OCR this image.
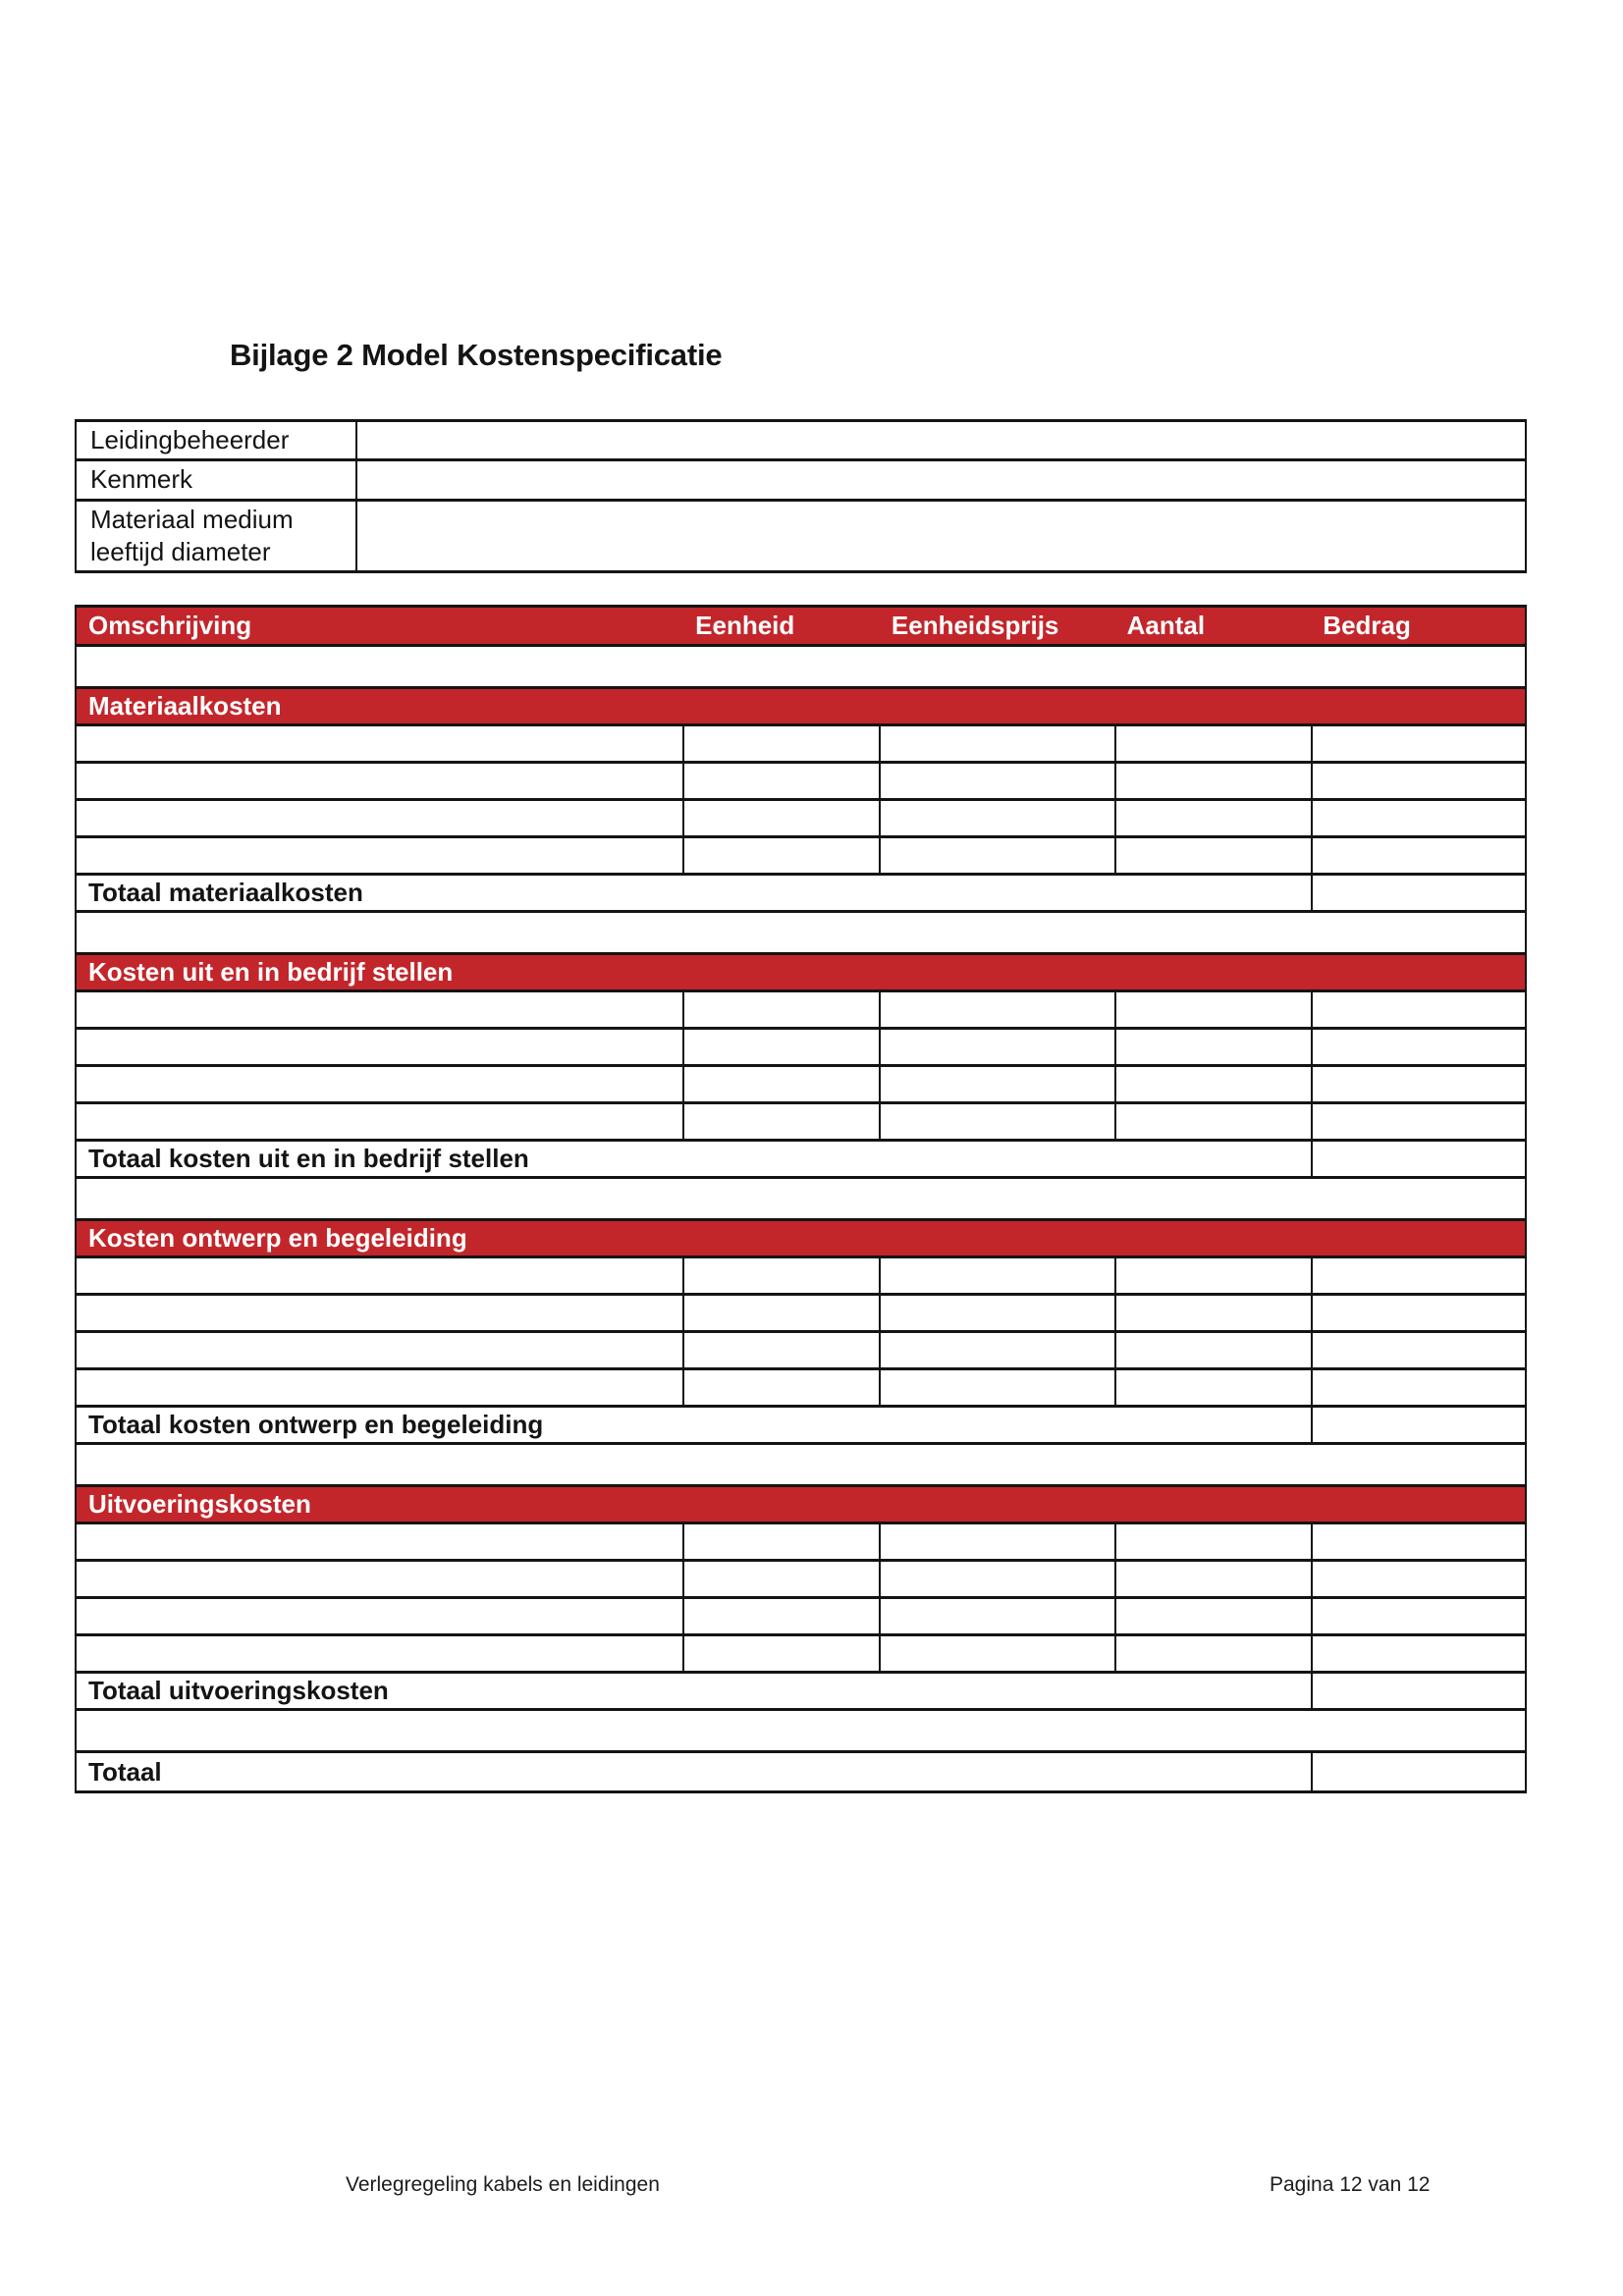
Bijlage 2 Model Kostenspecificatie
Leidingbeheerder	
Kenmerk	
Materiaal medium leeftijd diameter	
Omschrijving Eenheid Eenheidsprijs Aantal Bedrag				

Materiaalkosten				

Totaal materiaalkosten				

Kosten uit en in bedrijf stellen				

Totaal kosten uit en in bedrijf stellen				

Kosten ontwerp en begeleiding				

Totaal kosten ontwerp en begeleiding				

Uitvoeringskosten				

Totaal uitvoeringskosten				

Totaal				
Verlegregeling kabels en leidingen	Pagina 12 van 12
